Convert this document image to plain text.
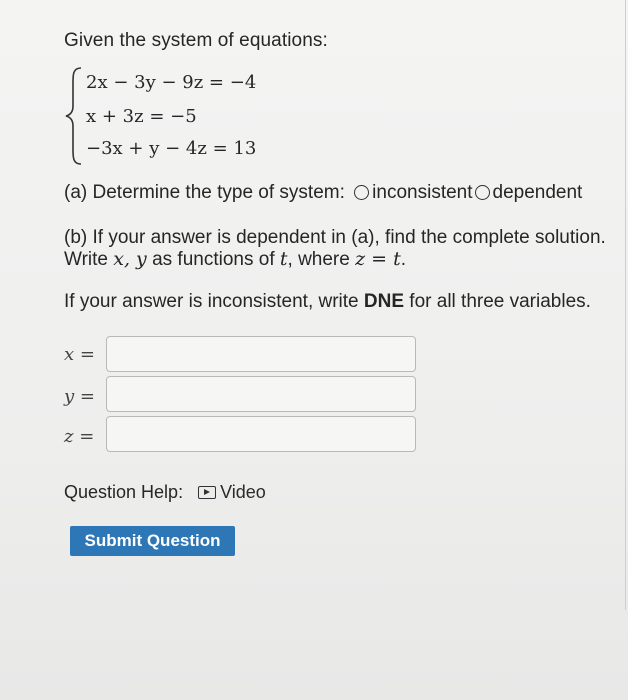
Given the system of equations:
2x − 3y − 9z = −4
x + 3z = −5
−3x + y − 4z = 13
(a) Determine the type of system: inconsistent dependent
(b) If your answer is dependent in (a), find the complete solution.
Write x, y as functions of t, where z = t.
If your answer is inconsistent, write DNE for all three variables.
x =
y =
z =
Question Help: Video
Submit Question
